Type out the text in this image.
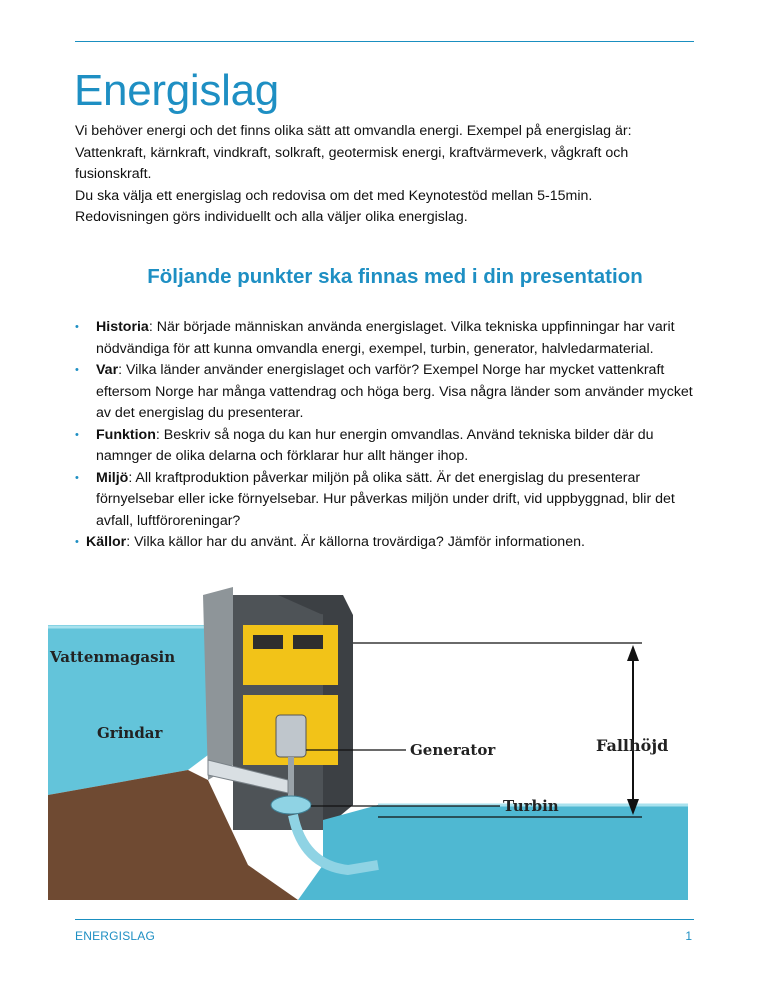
Energislag

Vi behöver energi och det finns olika sätt att omvandla energi. Exempel på energislag är:

Vattenkraft, kärnkraft, vindkraft, solkraft, geotermisk energi, kraftvärmeverk, vågkraft och fusionskraft.

Du ska välja ett energislag och redovisa om det med Keynotestöd mellan 5-15min.

Redovisningen görs individuellt och alla väljer olika energislag.

Följande punkter ska finnas med i din presentation
• Historia: När började människan använda energislaget. Vilka tekniska uppfinningar har varit nödvändiga för att kunna omvandla energi, exempel, turbin, generator, halvledarmaterial.
• Var: Vilka länder använder energislaget och varför? Exempel Norge har mycket vattenkraft eftersom Norge har många vattendrag och höga berg. Visa några länder som använder mycket av det energislag du presenterar.
• Funktion: Beskriv så noga du kan hur energin omvandlas. Använd tekniska bilder där du namnger de olika delarna och förklarar hur allt hänger ihop.
• Miljö: All kraftproduktion påverkar miljön på olika sätt. Är det energislag du presenterar förnyelsebar eller icke förnyelsebar. Hur påverkas miljön under drift, vid uppbyggnad, blir det avfall, luftföroreningar?
• Källor: Vilka källor har du använt. Är källorna trovärdiga? Jämför informationen.
Vattenmagasin
Grindar
Generator	Fallhöjd
Turbin
ENERGISLAG	1
